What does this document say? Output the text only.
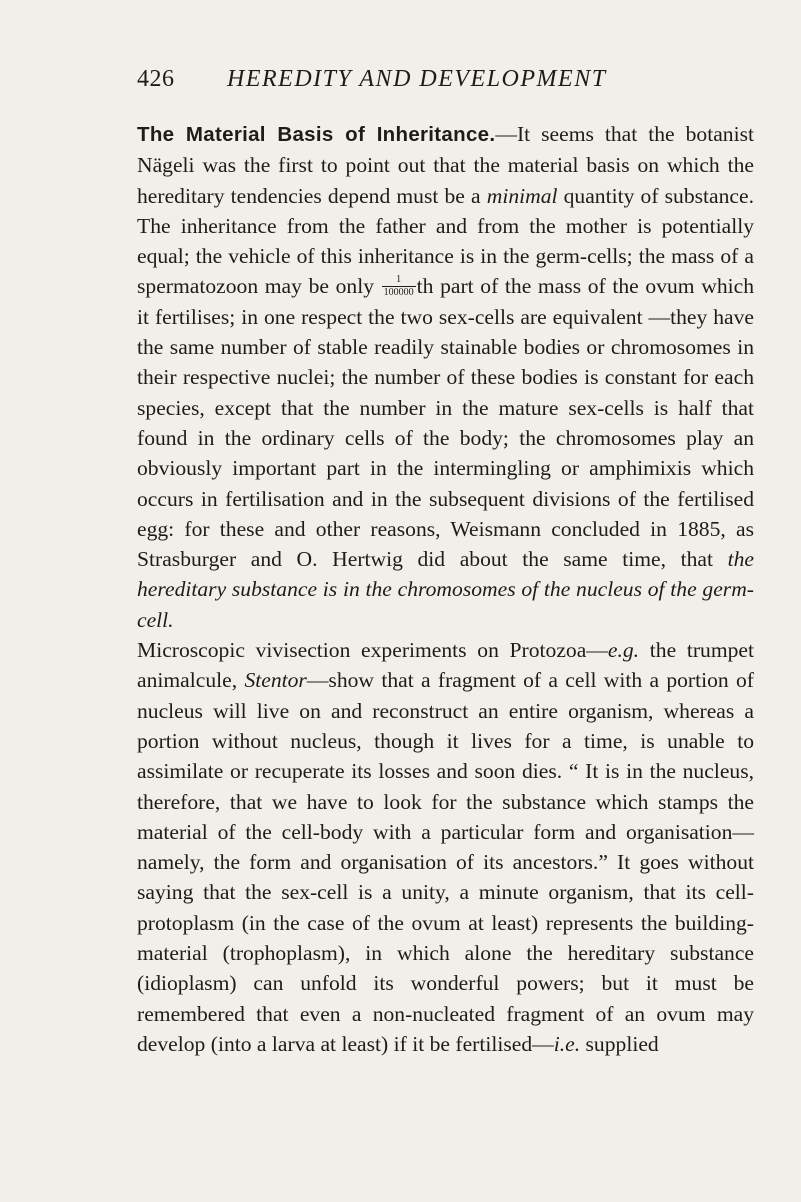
426 HEREDITY AND DEVELOPMENT

The Material Basis of Inheritance.—It seems that the botanist Nägeli was the first to point out that the material basis on which the hereditary tendencies depend must be a minimal quantity of substance. The inheritance from the father and from the mother is potentially equal; the vehicle of this inheritance is in the germ-cells; the mass of a spermatozoon may be only $\frac{1}{100000}$ th part of the mass of the ovum which it fertilises; in one respect the two sex-cells are equivalent —they have the same number of stable readily stainable bodies or chromosomes in their respective nuclei; the number of these bodies is constant for each species, except that the number in the mature sex-cells is half that found in the ordinary cells of the body; the chromosomes play an obviously important part in the intermingling or amphimixis which occurs in fertilisation and in the subsequent divisions of the fertilised egg: for these and other reasons, Weismann concluded in 1885, as Strasburger and O. Hertwig did about the same time, that the hereditary substance is in the chromosomes of the nucleus of the germ-cell.

Microscopic vivisection experiments on Protozoa—e.g. the trumpet animalcule, Stentor—show that a fragment of a cell with a portion of nucleus will live on and reconstruct an entire organism, whereas a portion without nucleus, though it lives for a time, is unable to assimilate or recuperate its losses and soon dies. “ It is in the nucleus, therefore, that we have to look for the substance which stamps the material of the cell-body with a particular form and organisation—namely, the form and organisation of its ancestors.” It goes without saying that the sex-cell is a unity, a minute organism, that its cell-protoplasm (in the case of the ovum at least) represents the building-material (trophoplasm), in which alone the hereditary substance (idioplasm) can unfold its wonderful powers; but it must be remembered that even a non-nucleated fragment of an ovum may develop (into a larva at least) if it be fertilised—i.e. supplied
